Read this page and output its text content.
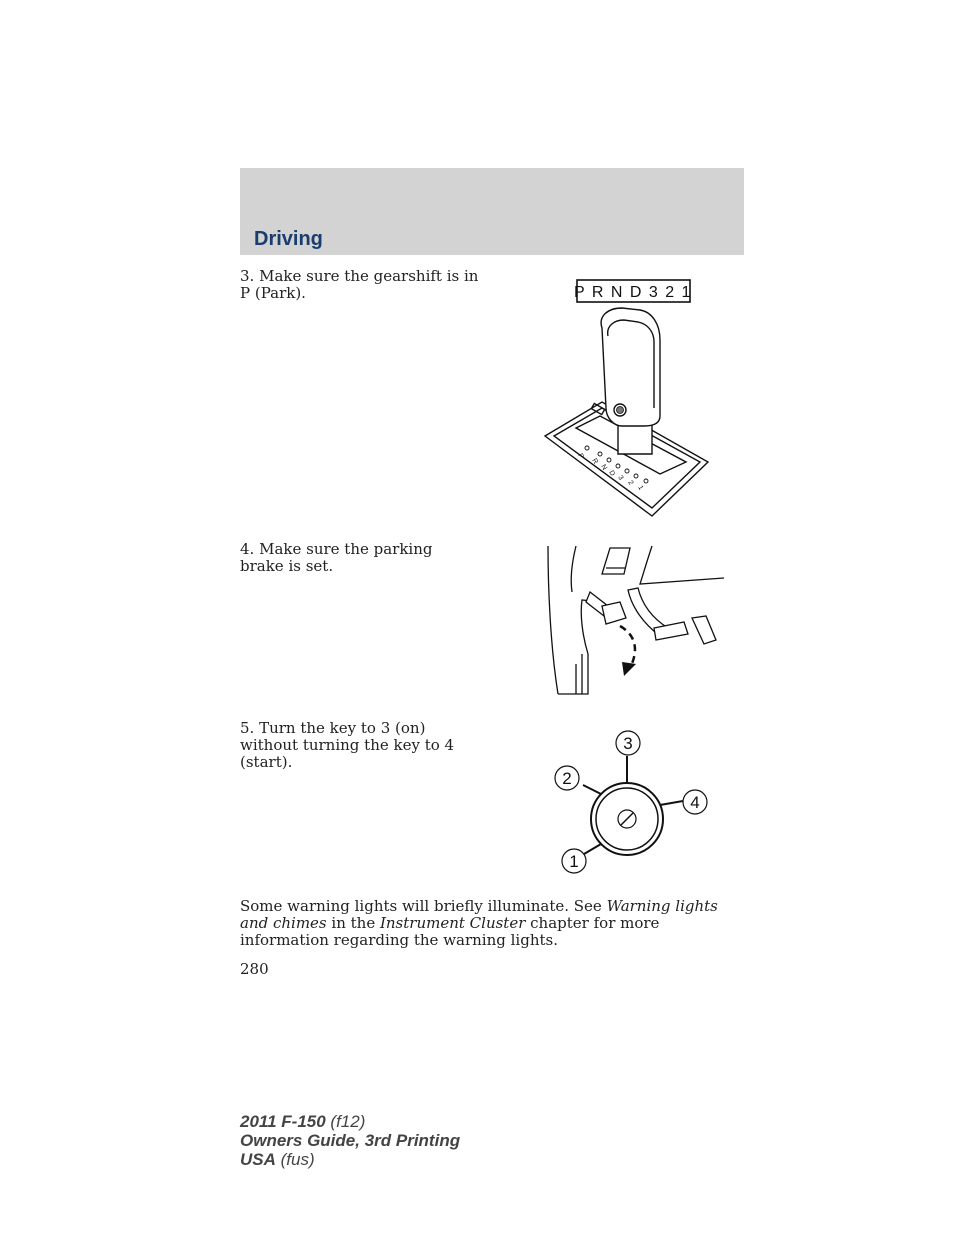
Driving

3. Make sure the gearshift is in P (Park).	P R N D 3 2 1
P
R
N
D
3
2
1

4. Make sure the parking brake is set.

5. Turn the key to 3 (on) without turning the key to 4 (start).

3
2
4
1

Some warning lights will briefly illuminate. See Warning lights and chimes in the Instrument Cluster chapter for more information regarding the warning lights.

280

2011 F-150 (f12)
Owners Guide, 3rd Printing
USA (fus)
